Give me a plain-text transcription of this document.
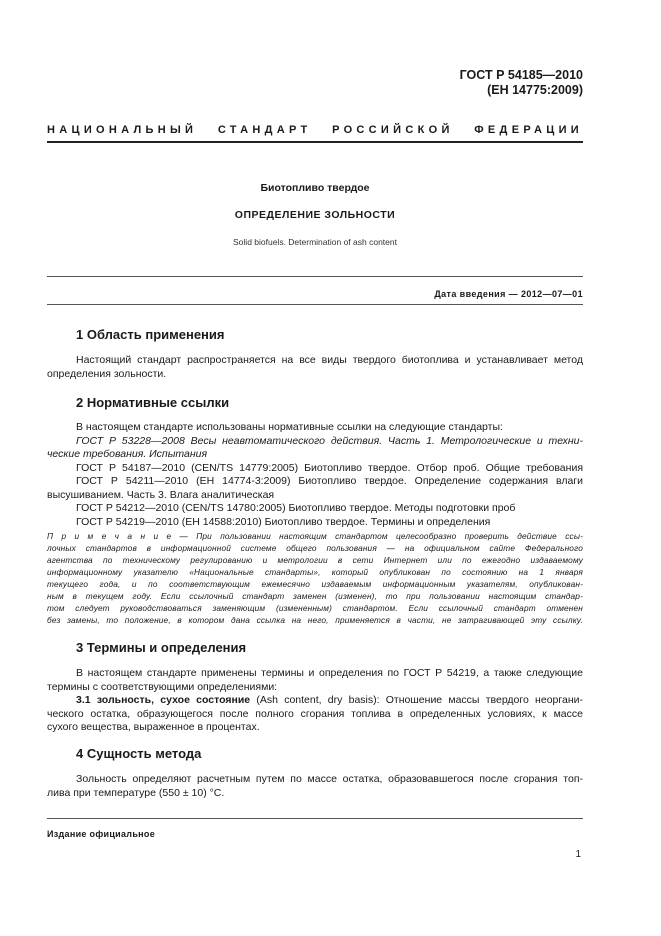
ГОСТ Р 54185—2010
(ЕН 14775:2009)
НАЦИОНАЛЬНЫЙ СТАНДАРТ РОССИЙСКОЙ ФЕДЕРАЦИИ
Биотопливо твердое
ОПРЕДЕЛЕНИЕ ЗОЛЬНОСТИ
Solid biofuels. Determination of ash content
Дата введения — 2012—07—01
1 Область применения
Настоящий стандарт распространяется на все виды твердого биотоплива и устанавливает метод
определения зольности.
2 Нормативные ссылки
В настоящем стандарте использованы нормативные ссылки на следующие стандарты:
ГОСТ Р 53228—2008 Весы неавтоматического действия. Часть 1. Метрологические и техни-
ческие требования. Испытания
ГОСТ Р 54187—2010 (CEN/TS 14779:2005) Биотопливо твердое. Отбор проб. Общие требования
ГОСТ Р 54211—2010 (ЕН 14774-3:2009) Биотопливо твердое. Определение содержания влаги
высушиванием. Часть 3. Влага аналитическая
ГОСТ Р 54212—2010 (CEN/TS 14780:2005) Биотопливо твердое. Методы подготовки проб
ГОСТ Р 54219—2010 (ЕН 14588:2010) Биотопливо твердое. Термины и определения
П р и м е ч а н и е — При пользовании настоящим стандартом целесообразно проверить действие ссы-
лочных стандартов в информационной системе общего пользования — на официальном сайте Федерального
агентства по техническому регулированию и метрологии в сети Интернет или по ежегодно издаваемому
информационному указателю «Национальные стандарты», который опубликован по состоянию на 1 января
текущего года, и по соответствующим ежемесячно издаваемым информационным указателям, опубликован-
ным в текущем году. Если ссылочный стандарт заменен (изменен), то при пользовании настоящим стандар-
том следует руководствоваться заменяющим (измененным) стандартом. Если ссылочный стандарт отменен
без замены, то положение, в котором дана ссылка на него, применяется в части, не затрагивающей эту ссылку.
3 Термины и определения
В настоящем стандарте применены термины и определения по ГОСТ Р 54219, а также следующие
термины с соответствующими определениями:
3.1 зольность, сухое состояние (Ash content, dry basis): Отношение массы твердого неоргани-
ческого остатка, образующегося после полного сгорания топлива в определенных условиях, к массе
сухого вещества, выраженное в процентах.
4 Сущность метода
Зольность определяют расчетным путем по массе остатка, образовавшегося после сгорания топ-
лива при температуре (550 ± 10) °С.
Издание официальное
1
